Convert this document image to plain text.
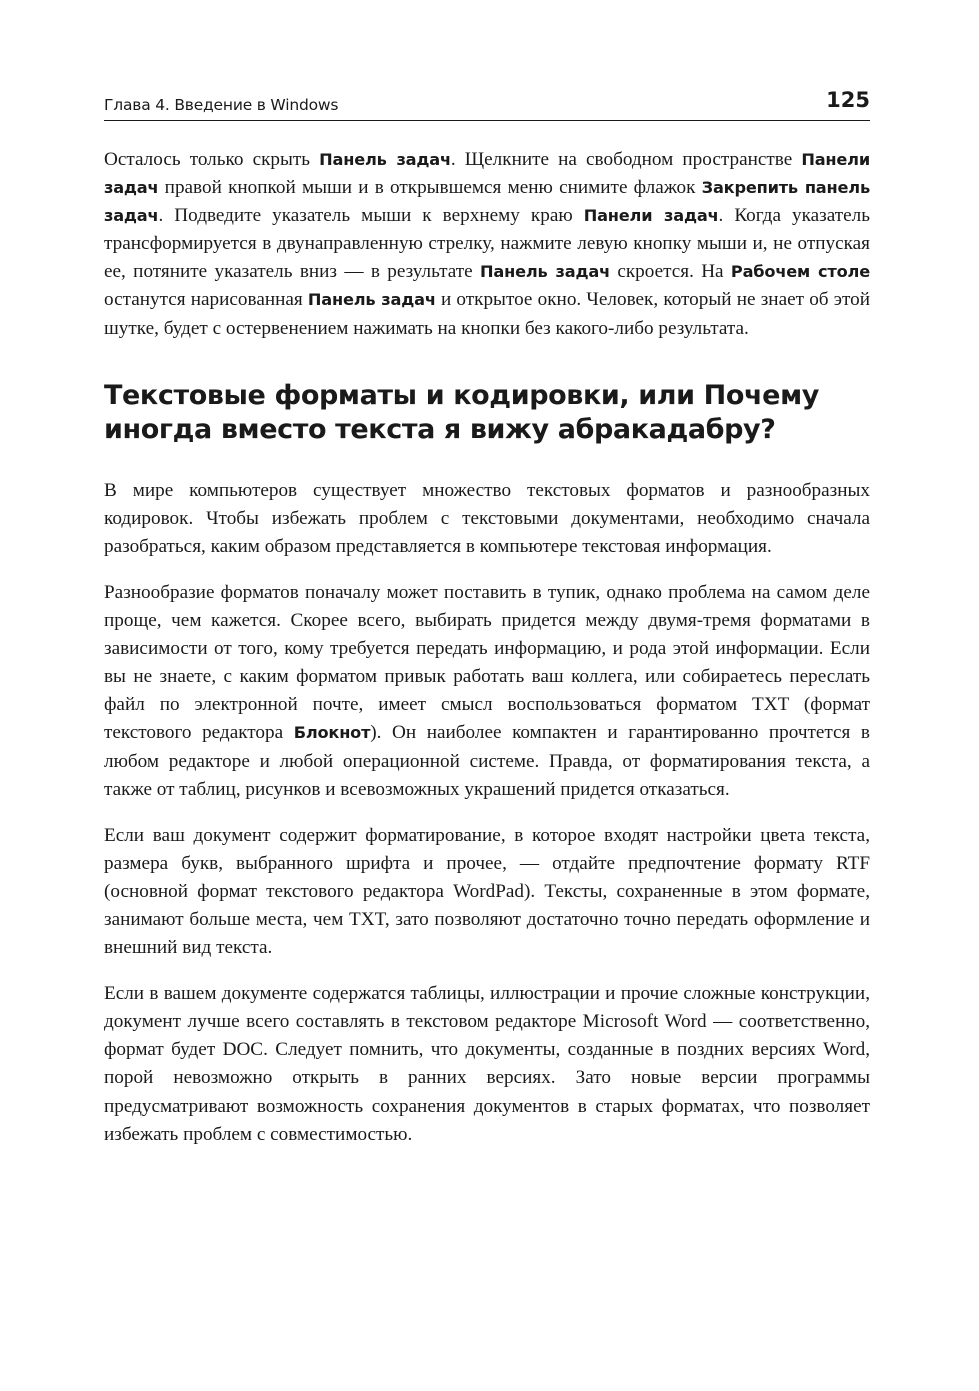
Глава 4. Введение в Windows	125

Осталось только скрыть Панель задач. Щелкните на свободном пространстве Панели задач правой кнопкой мыши и в открывшемся меню снимите флажок Закрепить панель задач. Подведите указатель мыши к верхнему краю Панели задач. Когда указатель трансформируется в двунаправленную стрелку, нажмите левую кнопку мыши и, не отпуская ее, потяните указатель вниз — в результате Панель задач скроется. На Рабочем столе останутся нарисованная Панель задач и открытое окно. Человек, который не знает об этой шутке, будет с остервенением нажимать на кнопки без какого-либо результата.

Текстовые форматы и кодировки, или Почему иногда вместо текста я вижу абракадабру?

В мире компьютеров существует множество текстовых форматов и разнообразных кодировок. Чтобы избежать проблем с текстовыми документами, необходимо сначала разобраться, каким образом представляется в компьютере текстовая информация.

Разнообразие форматов поначалу может поставить в тупик, однако проблема на самом деле проще, чем кажется. Скорее всего, выбирать придется между двумя-тремя форматами в зависимости от того, кому требуется передать информацию, и рода этой информации. Если вы не знаете, с каким форматом привык работать ваш коллега, или собираетесь переслать файл по электронной почте, имеет смысл воспользоваться форматом TXT (формат текстового редактора Блокнот). Он наиболее компактен и гарантированно прочтется в любом редакторе и любой операционной системе. Правда, от форматирования текста, а также от таблиц, рисунков и всевозможных украшений придется отказаться.

Если ваш документ содержит форматирование, в которое входят настройки цвета текста, размера букв, выбранного шрифта и прочее, — отдайте предпочтение формату RTF (основной формат текстового редактора WordPad). Тексты, сохраненные в этом формате, занимают больше места, чем TXT, зато позволяют достаточно точно передать оформление и внешний вид текста.

Если в вашем документе содержатся таблицы, иллюстрации и прочие сложные конструкции, документ лучше всего составлять в текстовом редакторе Microsoft Word — соответственно, формат будет DOC. Следует помнить, что документы, созданные в поздних версиях Word, порой невозможно открыть в ранних версиях. Зато новые версии программы предусматривают возможность сохранения документов в старых форматах, что позволяет избежать проблем с совместимостью.
